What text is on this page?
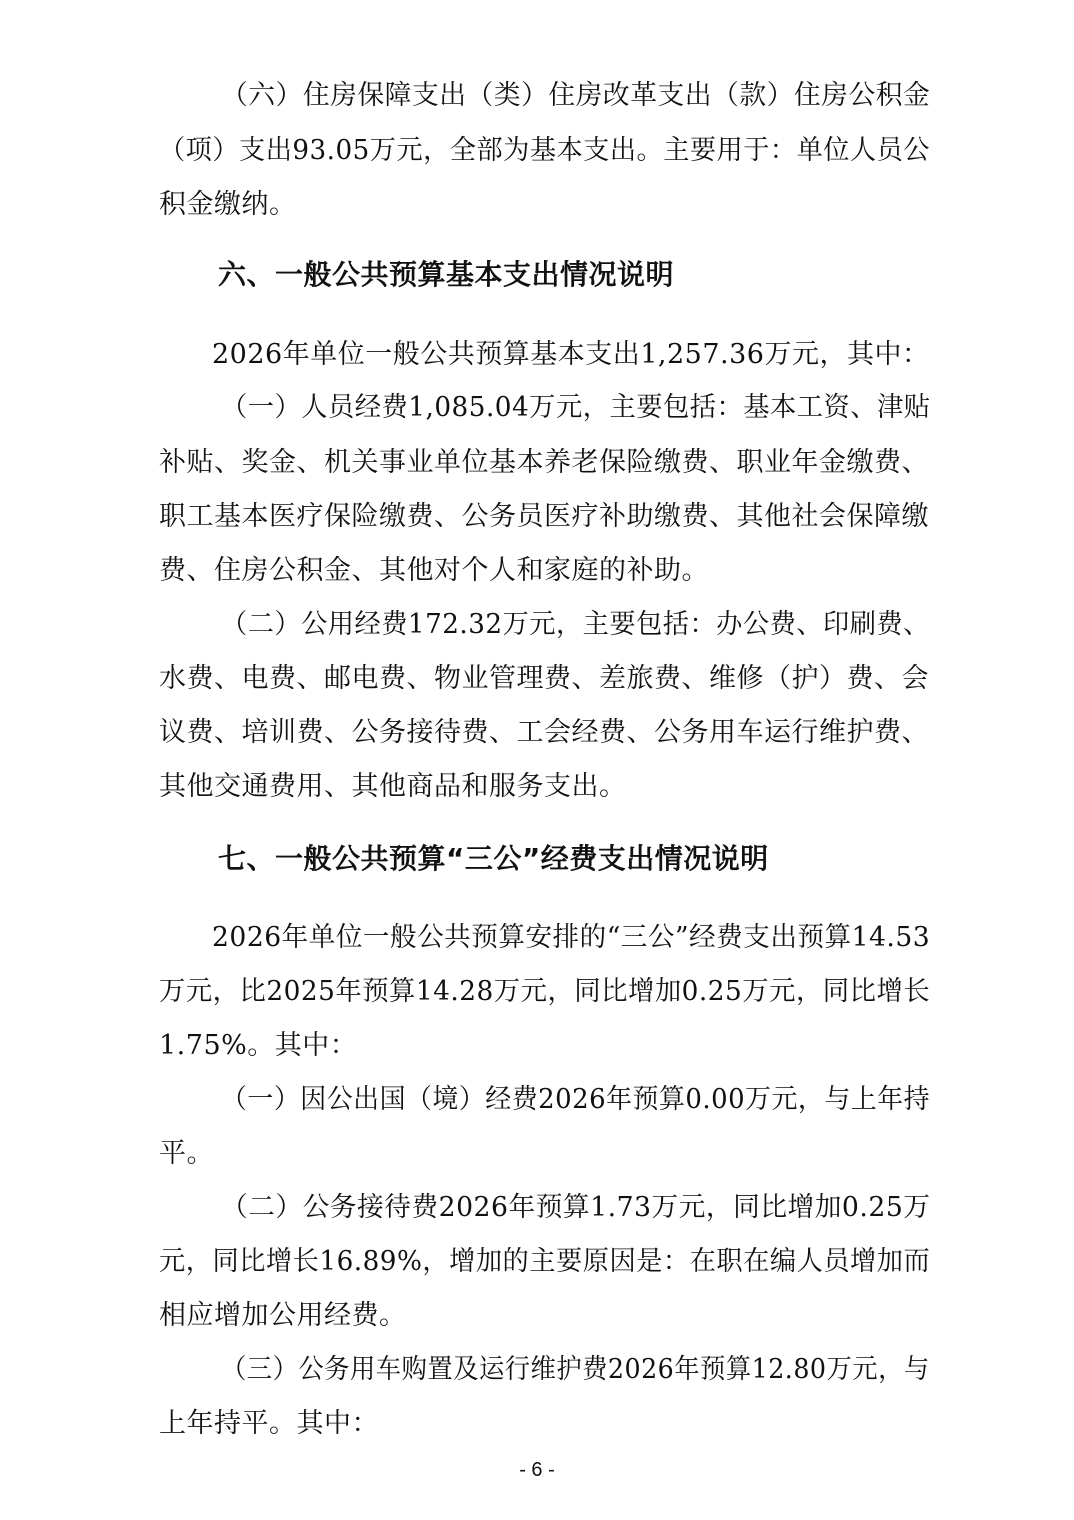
（六）住房保障支出（类）住房改革支出（款）住房公积金
（项）支出93.05万元，全部为基本支出。主要用于：单位人员公
积金缴纳。
六、一般公共预算基本支出情况说明
2026年单位一般公共预算基本支出1,257.36万元，其中：
（一）人员经费1,085.04万元，主要包括：基本工资、津贴
补贴、奖金、机关事业单位基本养老保险缴费、职业年金缴费、
职工基本医疗保险缴费、公务员医疗补助缴费、其他社会保障缴
费、住房公积金、其他对个人和家庭的补助。
（二）公用经费172.32万元，主要包括：办公费、印刷费、
水费、电费、邮电费、物业管理费、差旅费、维修（护）费、会
议费、培训费、公务接待费、工会经费、公务用车运行维护费、
其他交通费用、其他商品和服务支出。
七、一般公共预算“三公”经费支出情况说明
2026年单位一般公共预算安排的“三公”经费支出预算14.53
万元，比2025年预算14.28万元，同比增加0.25万元，同比增长
1.75%。其中：
（一）因公出国（境）经费2026年预算0.00万元，与上年持
平。
（二）公务接待费2026年预算1.73万元，同比增加0.25万
元，同比增长16.89%，增加的主要原因是：在职在编人员增加而
相应增加公用经费。
（三）公务用车购置及运行维护费2026年预算12.80万元，与
上年持平。其中：
- 6 -
